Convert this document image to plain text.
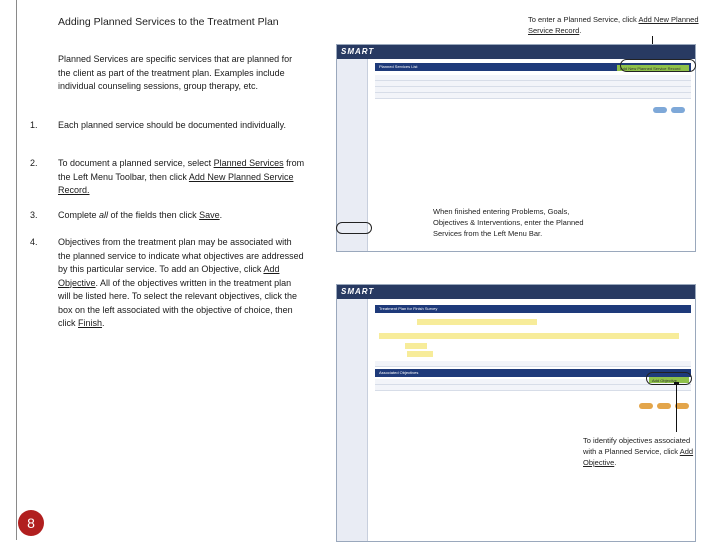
8
Adding Planned Services to the Treatment Plan
Planned Services are specific services that are planned for the client as part of the treatment plan. Examples include individual counseling sessions, group therapy, etc.
1.	Each planned service should be documented individually.
2.	To document a planned service, select Planned Services from the Left Menu Toolbar, then click Add New Planned Service Record.
3.	Complete all of the fields then click Save.
4.	Objectives from the treatment plan may be associated with the planned service to indicate what objectives are addressed by this particular service. To add an Objective, click Add Objective. All of the objectives written in the treatment plan will be listed here. To select the relevant objectives, click the box on the left associated with the objective of choice, then click Finish.
To enter a Planned Service, click Add New Planned Service Record.
SMART
Planned Services List	Add New Planned Service Record
When finished entering Problems, Goals, Objectives & Interventions, enter the Planned Services from the Left Menu Bar.
SMART
Treatment Plan for Finish Survey
Associated Objectives
Add Objective
To identify objectives associated with a Planned Service, click Add Objective.
